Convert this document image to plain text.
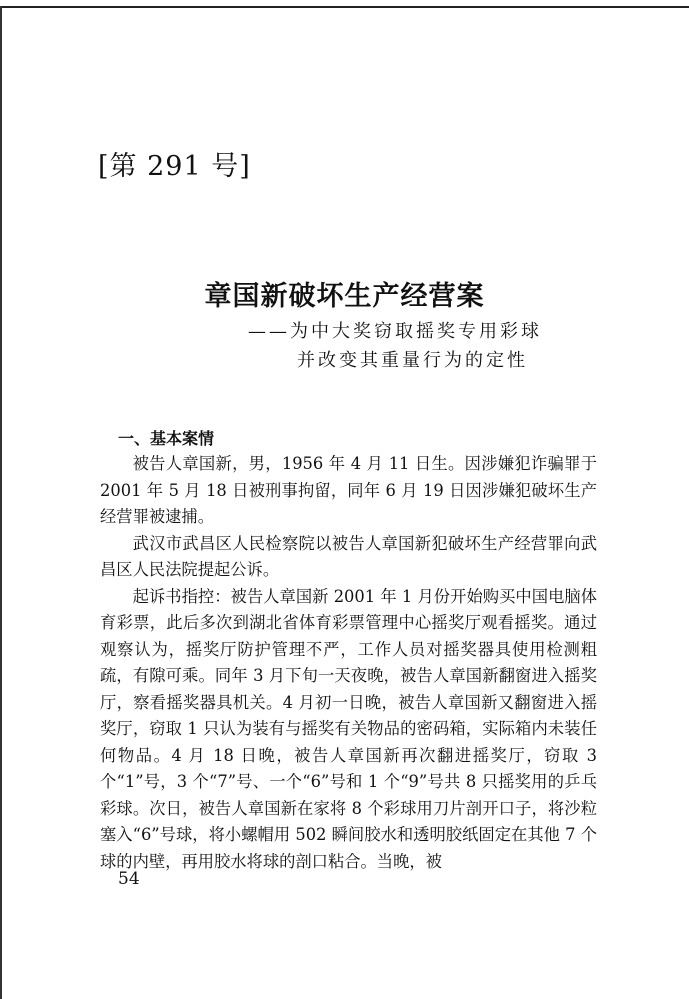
[第 291 号]
章国新破坏生产经营案
——为中大奖窃取摇奖专用彩球
并改变其重量行为的定性
一、基本案情

被告人章国新，男，1956 年 4 月 11 日生。因涉嫌犯诈骗罪于 2001 年 5 月 18 日被刑事拘留，同年 6 月 19 日因涉嫌犯破坏生产经营罪被逮捕。

武汉市武昌区人民检察院以被告人章国新犯破坏生产经营罪向武昌区人民法院提起公诉。

起诉书指控：被告人章国新 2001 年 1 月份开始购买中国电脑体育彩票，此后多次到湖北省体育彩票管理中心摇奖厅观看摇奖。通过观察认为，摇奖厅防护管理不严，工作人员对摇奖器具使用检测粗疏，有隙可乘。同年 3 月下旬一天夜晚，被告人章国新翻窗进入摇奖厅，察看摇奖器具机关。4 月初一日晚，被告人章国新又翻窗进入摇奖厅，窃取 1 只认为装有与摇奖有关物品的密码箱，实际箱内未装任何物品。4 月 18 日晚，被告人章国新再次翻进摇奖厅，窃取 3 个“1”号，3 个“7”号、一个“6”号和 1 个“9”号共 8 只摇奖用的乒乓彩球。次日，被告人章国新在家将 8 个彩球用刀片剖开口子，将沙粒塞入“6”号球，将小螺帽用 502 瞬间胶水和透明胶纸固定在其他 7 个球的内壁，再用胶水将球的剖口粘合。当晚，被

54
